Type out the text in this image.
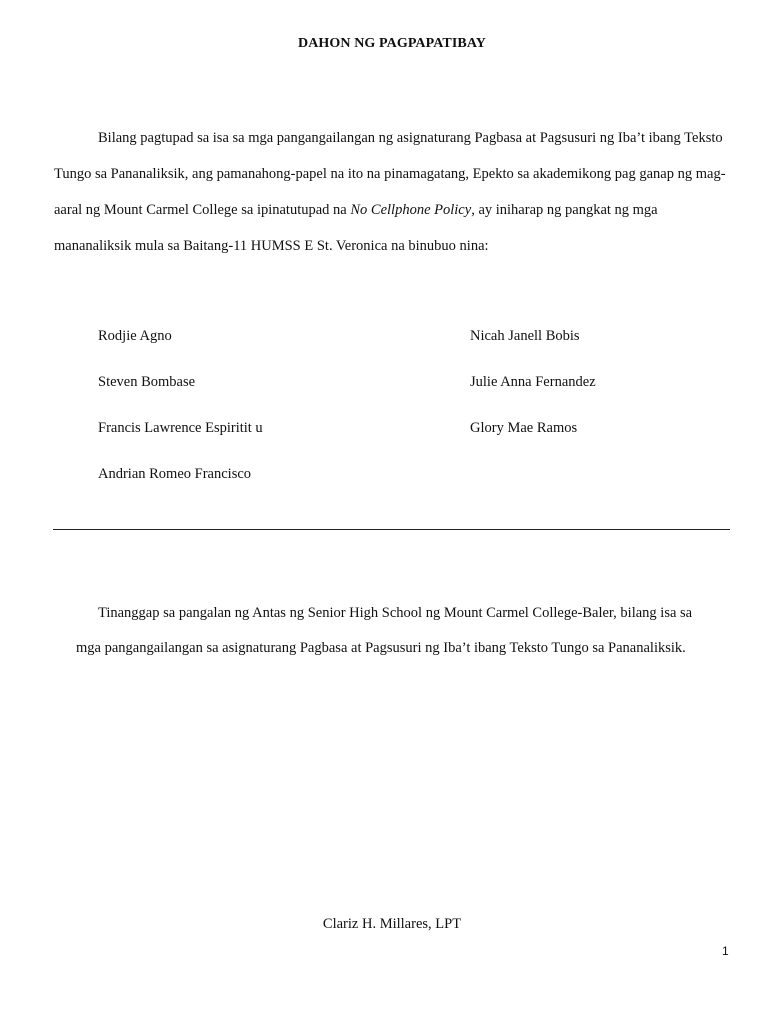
DAHON NG PAGPAPATIBAY

Bilang pagtupad sa isa sa mga pangangailangan ng asignaturang Pagbasa at Pagsusuri ng Iba’t ibang Teksto Tungo sa Pananaliksik, ang pamanahong-papel na ito na pinamagatang, Epekto sa akademikong pag ganap ng mag-aaral ng Mount Carmel College sa ipinatutupad na No Cellphone Policy, ay iniharap ng pangkat ng mga mananaliksik mula sa Baitang-11 HUMSS E St. Veronica na binubuo nina:

Rodjie Agno	Nicah Janell Bobis
Steven Bombase	Julie Anna Fernandez
Francis Lawrence Espiritit u	Glory Mae Ramos
Andrian Romeo Francisco

Tinanggap sa pangalan ng Antas ng Senior High School ng Mount Carmel College-Baler, bilang isa sa
mga pangangailangan sa asignaturang Pagbasa at Pagsusuri ng Iba’t ibang Teksto Tungo sa Pananaliksik.

Clariz H. Millares, LPT
1
